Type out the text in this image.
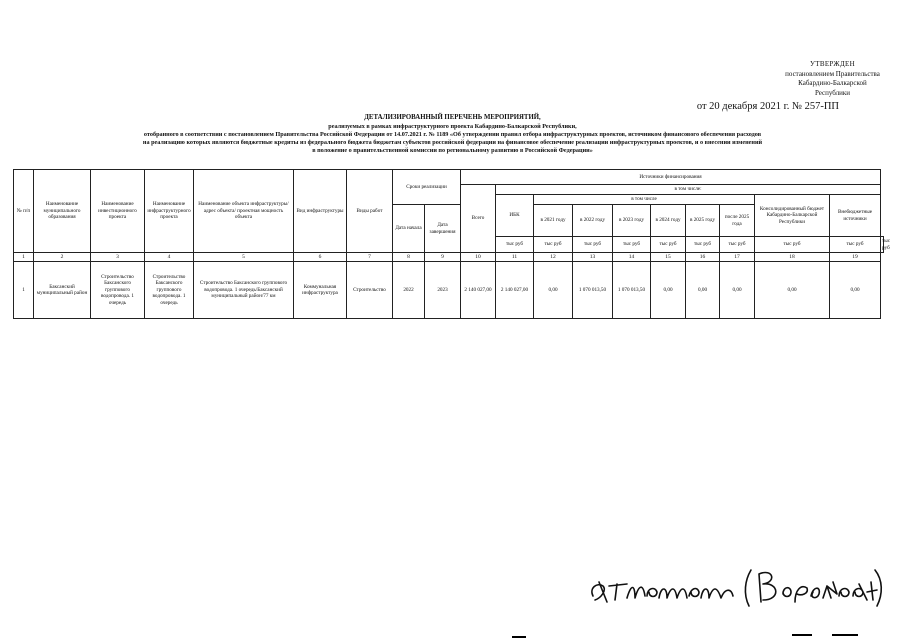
УТВЕРЖДЕН
постановлением Правительства
Кабардино-Балкарской
Республики
от 20 декабря 2021 г. № 257-ПП
ДЕТАЛИЗИРОВАННЫЙ ПЕРЕЧЕНЬ МЕРОПРИЯТИЙ,
реализуемых в рамках инфраструктурного проекта Кабардино-Балкарской Республики,
отобранного в соответствии с постановлением Правительства Российской Федерации от 14.07.2021 г. № 1189 «Об утверждении правил отбора инфраструктурных проектов, источником финансового обеспечения расходов
на реализацию которых являются бюджетные кредиты из федерального бюджета бюджетам субъектов российской федерации на финансовое обеспечение реализации инфраструктурных проектов, и о внесении изменений
в положение о правительственной комиссии по региональному развитию в Российской Федерации»
№ п/п	Наименование муниципального образования	Наименование инвестиционного проекта	Наименование инфраструктурного проекта	Наименование объекта инфраструктуры/ адрес объекта/ проектная мощность объекта	Вид инфраструктуры	Виды работ	Сроки реализации		Источники финансирования										
									Всего	в том числе:									
										ИБК	в том числе						Консолидированный бюджет Кабардино-Балкарской Республики	Внебюджетные источники	
							Дата начала	Дата завершения			в 2021 году	в 2022 году	в 2023 году	в 2024 году	в 2025 году	после 2025 года			
										тыс руб	тыс руб	тыс руб	тыс руб	тыс руб	тыс руб	тыс руб	тыс руб	тыс руб	тыс руб
1	2	3	4	5	6	7	8	9	10	11	12	13	14	15	16	17	18	19	
1	Баксанский муниципальный район	Строительство Баксанского группового водопровода. 1 очередь	Строительство Баксанского группового водопровода. 1 очередь	Строительство Баксанского группового водопровода. 1 очередь/Баксанский муниципальный район/77 км	Коммунальная инфраструктура	Строительство	2022	2023	2 140 027,00	2 140 027,00	0,00	1 070 013,50	1 070 013,50	0,00	0,00	0,00	0,00	0,00	
